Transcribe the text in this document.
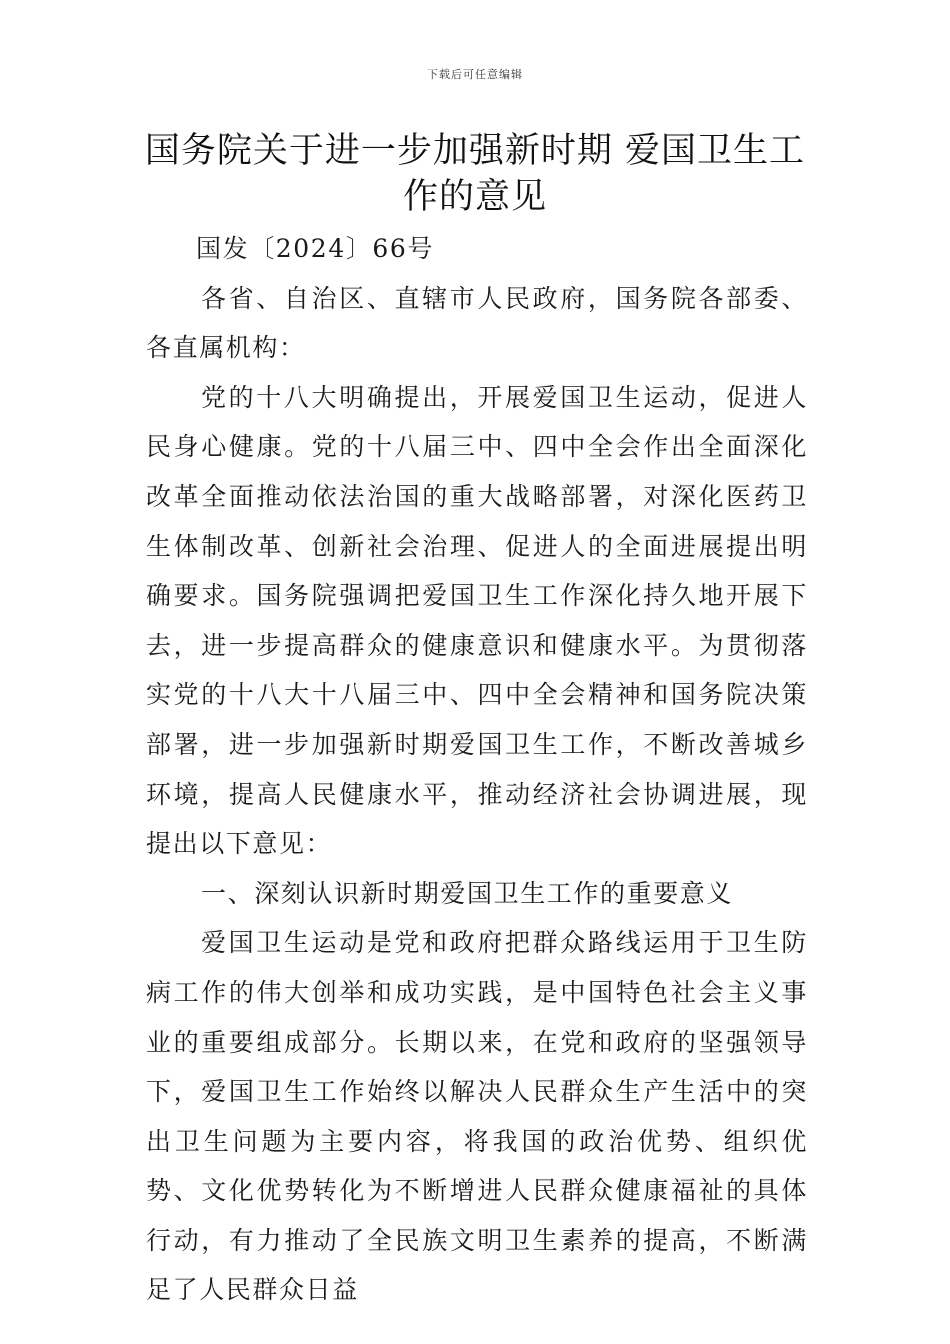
下载后可任意编辑
国务院关于进一步加强新时期 爱国卫生工作的意见

国发〔2024〕66号

各省、自治区、直辖市人民政府，国务院各部委、各直属机构：

党的十八大明确提出，开展爱国卫生运动，促进人民身心健康。党的十八届三中、四中全会作出全面深化改革全面推动依法治国的重大战略部署，对深化医药卫生体制改革、创新社会治理、促进人的全面进展提出明确要求。国务院强调把爱国卫生工作深化持久地开展下去，进一步提高群众的健康意识和健康水平。为贯彻落实党的十八大十八届三中、四中全会精神和国务院决策部署，进一步加强新时期爱国卫生工作，不断改善城乡环境，提高人民健康水平，推动经济社会协调进展，现提出以下意见：

一、深刻认识新时期爱国卫生工作的重要意义

爱国卫生运动是党和政府把群众路线运用于卫生防病工作的伟大创举和成功实践，是中国特色社会主义事业的重要组成部分。长期以来，在党和政府的坚强领导下，爱国卫生工作始终以解决人民群众生产生活中的突出卫生问题为主要内容，将我国的政治优势、组织优势、文化优势转化为不断增进人民群众健康福祉的具体行动，有力推动了全民族文明卫生素养的提高，不断满足了人民群众日益
